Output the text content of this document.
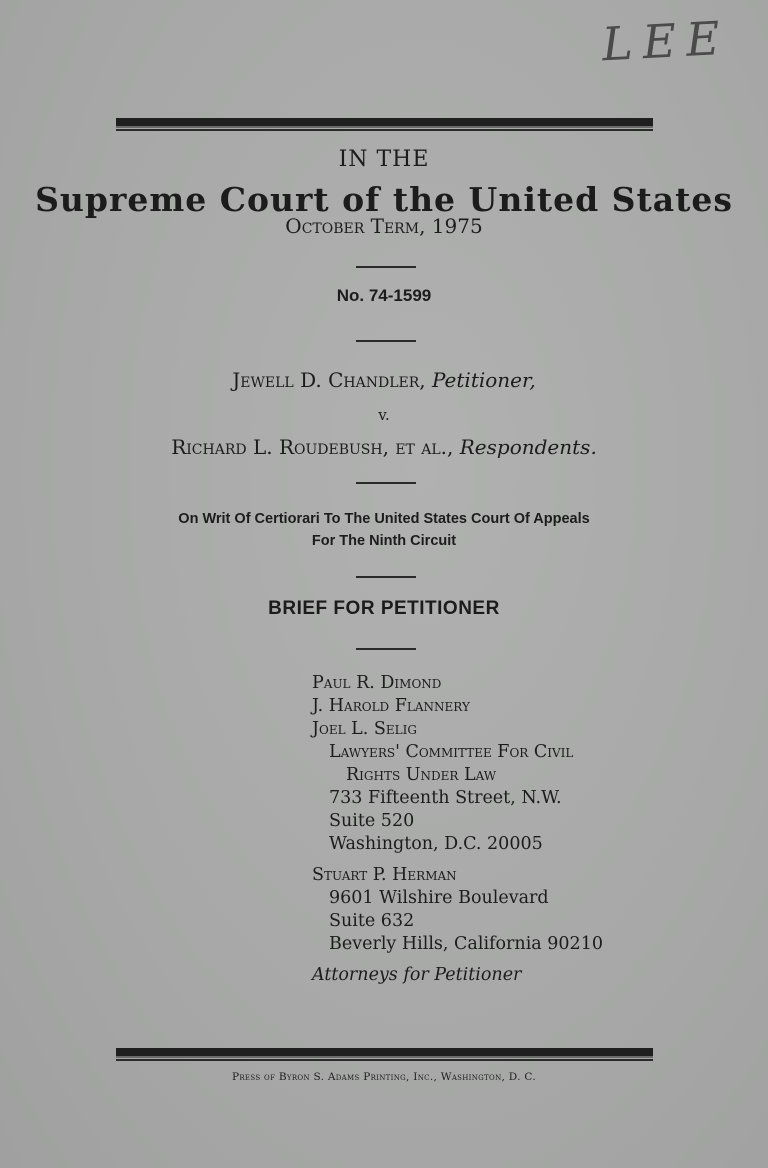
LEE
IN THE
Supreme Court of the United States
October Term, 1975
No. 74-1599
Jewell D. Chandler, Petitioner,
v.
Richard L. Roudebush, et al., Respondents.
On Writ Of Certiorari To The United States Court Of Appeals
For The Ninth Circuit
BRIEF FOR PETITIONER
Paul R. Dimond
J. Harold Flannery
Joel L. Selig
Lawyers' Committee For Civil
Rights Under Law
733 Fifteenth Street, N.W.
Suite 520
Washington, D.C. 20005
Stuart P. Herman
9601 Wilshire Boulevard
Suite 632
Beverly Hills, California 90210
Attorneys for Petitioner
Press of Byron S. Adams Printing, Inc., Washington, D. C.
